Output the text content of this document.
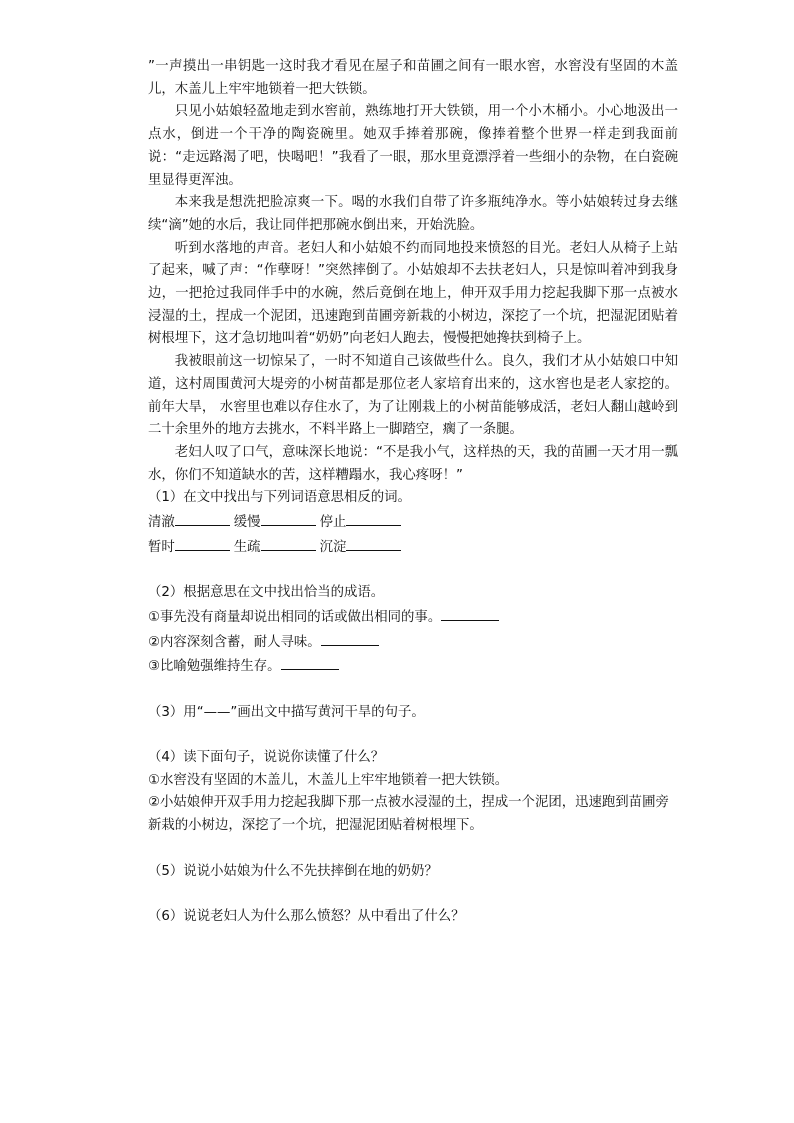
”一声摸出一串钥匙一这时我才看见在屋子和苗圃之间有一眼水窖，水窖没有坚固的木盖儿，木盖儿上牢牢地锁着一把大铁锁。

只见小姑娘轻盈地走到水窖前，熟练地打开大铁锁，用一个小木桶小。小心地汲出一点水，倒进一个干净的陶瓷碗里。她双手捧着那碗，像捧着整个世界一样走到我面前说：“走远路渴了吧，快喝吧！”我看了一眼，那水里竟漂浮着一些细小的杂物，在白瓷碗里显得更浑浊。

本来我是想洗把脸凉爽一下。喝的水我们自带了许多瓶纯净水。等小姑娘转过身去继续“滴”她的水后，我让同伴把那碗水倒出来，开始洗脸。

听到水落地的声音。老妇人和小姑娘不约而同地投来愤怒的目光。老妇人从椅子上站了起来，喊了声：“作孽呀！”突然摔倒了。小姑娘却不去扶老妇人，只是惊叫着冲到我身边，一把抢过我同伴手中的水碗，然后竟倒在地上，伸开双手用力挖起我脚下那一点被水浸湿的土，捏成一个泥团，迅速跑到苗圃旁新栽的小树边，深挖了一个坑，把湿泥团贴着树根埋下，这才急切地叫着“奶奶”向老妇人跑去，慢慢把她搀扶到椅子上。

我被眼前这一切惊呆了，一时不知道自己该做些什么。良久，我们才从小姑娘口中知道，这村周围黄河大堤旁的小树苗都是那位老人家培育出来的，这水窖也是老人家挖的。前年大旱， 水窖里也难以存住水了，为了让刚栽上的小树苗能够成活，老妇人翻山越岭到二十余里外的地方去挑水，不料半路上一脚踏空，瘸了一条腿。

老妇人叹了口气，意味深长地说：“不是我小气，这样热的天，我的苗圃一天才用一瓢水，你们不知道缺水的苦，这样糟蹋水，我心疼呀！”

（1）在文中找出与下列词语意思相反的词。

清澈	缓慢	停止

暂时	生疏	沉淀

（2）根据意思在文中找出恰当的成语。

①事先没有商量却说出相同的话或做出相同的事。

②内容深刻含蓄，耐人寻味。

③比喻勉强维持生存。

（3）用“——”画出文中描写黄河干旱的句子。

（4）读下面句子，说说你读懂了什么？

①水窖没有坚固的木盖儿，木盖儿上牢牢地锁着一把大铁锁。

②小姑娘伸开双手用力挖起我脚下那一点被水浸湿的土，捏成一个泥团，迅速跑到苗圃旁新栽的小树边，深挖了一个坑，把湿泥团贴着树根埋下。

（5）说说小姑娘为什么不先扶摔倒在地的奶奶？

（6）说说老妇人为什么那么愤怒？从中看出了什么？
